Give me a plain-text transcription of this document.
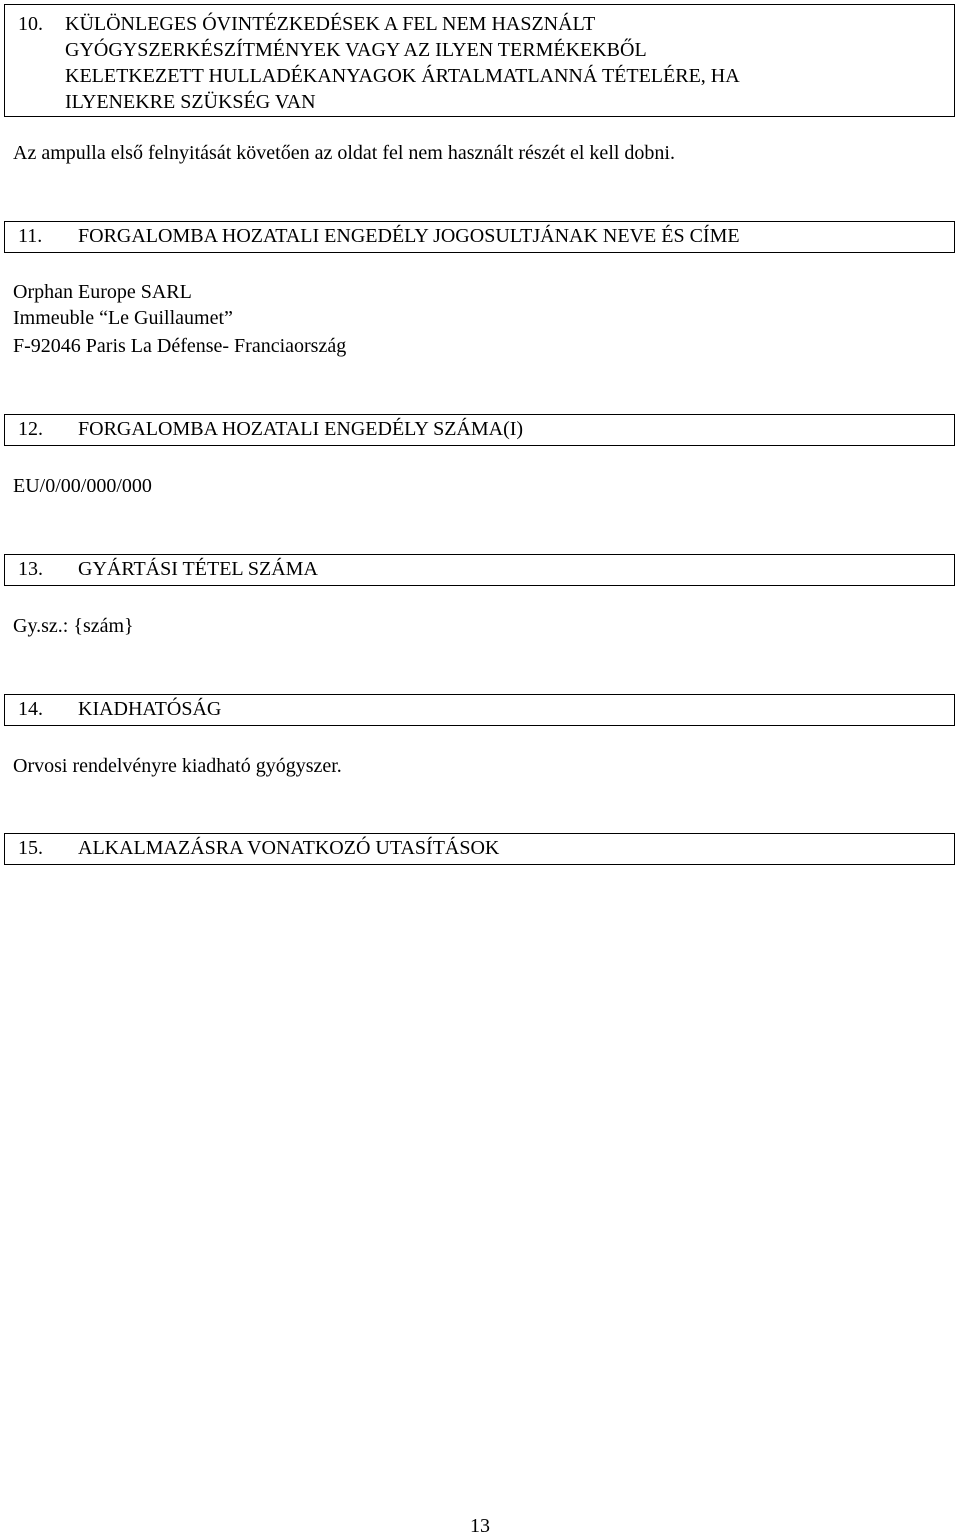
10. KÜLÖNLEGES ÓVINTÉZKEDÉSEK A FEL NEM HASZNÁLT
GYÓGYSZERKÉSZÍTMÉNYEK VAGY AZ ILYEN TERMÉKEKBŐL
KELETKEZETT HULLADÉKANYAGOK ÁRTALMATLANNÁ TÉTELÉRE, HA
ILYENEKRE SZÜKSÉG VAN
Az ampulla első felnyitását követően az oldat fel nem használt részét el kell dobni.
11. FORGALOMBA HOZATALI ENGEDÉLY JOGOSULTJÁNAK NEVE ÉS CÍME
Orphan Europe SARL
Immeuble “Le Guillaumet”
F-92046 Paris La Défense- Franciaország
12. FORGALOMBA HOZATALI ENGEDÉLY SZÁMA(I)
EU/0/00/000/000
13. GYÁRTÁSI TÉTEL SZÁMA
Gy.sz.: {szám}
14. KIADHATÓSÁG
Orvosi rendelvényre kiadható gyógyszer.
15. ALKALMAZÁSRA VONATKOZÓ UTASÍTÁSOK
13
